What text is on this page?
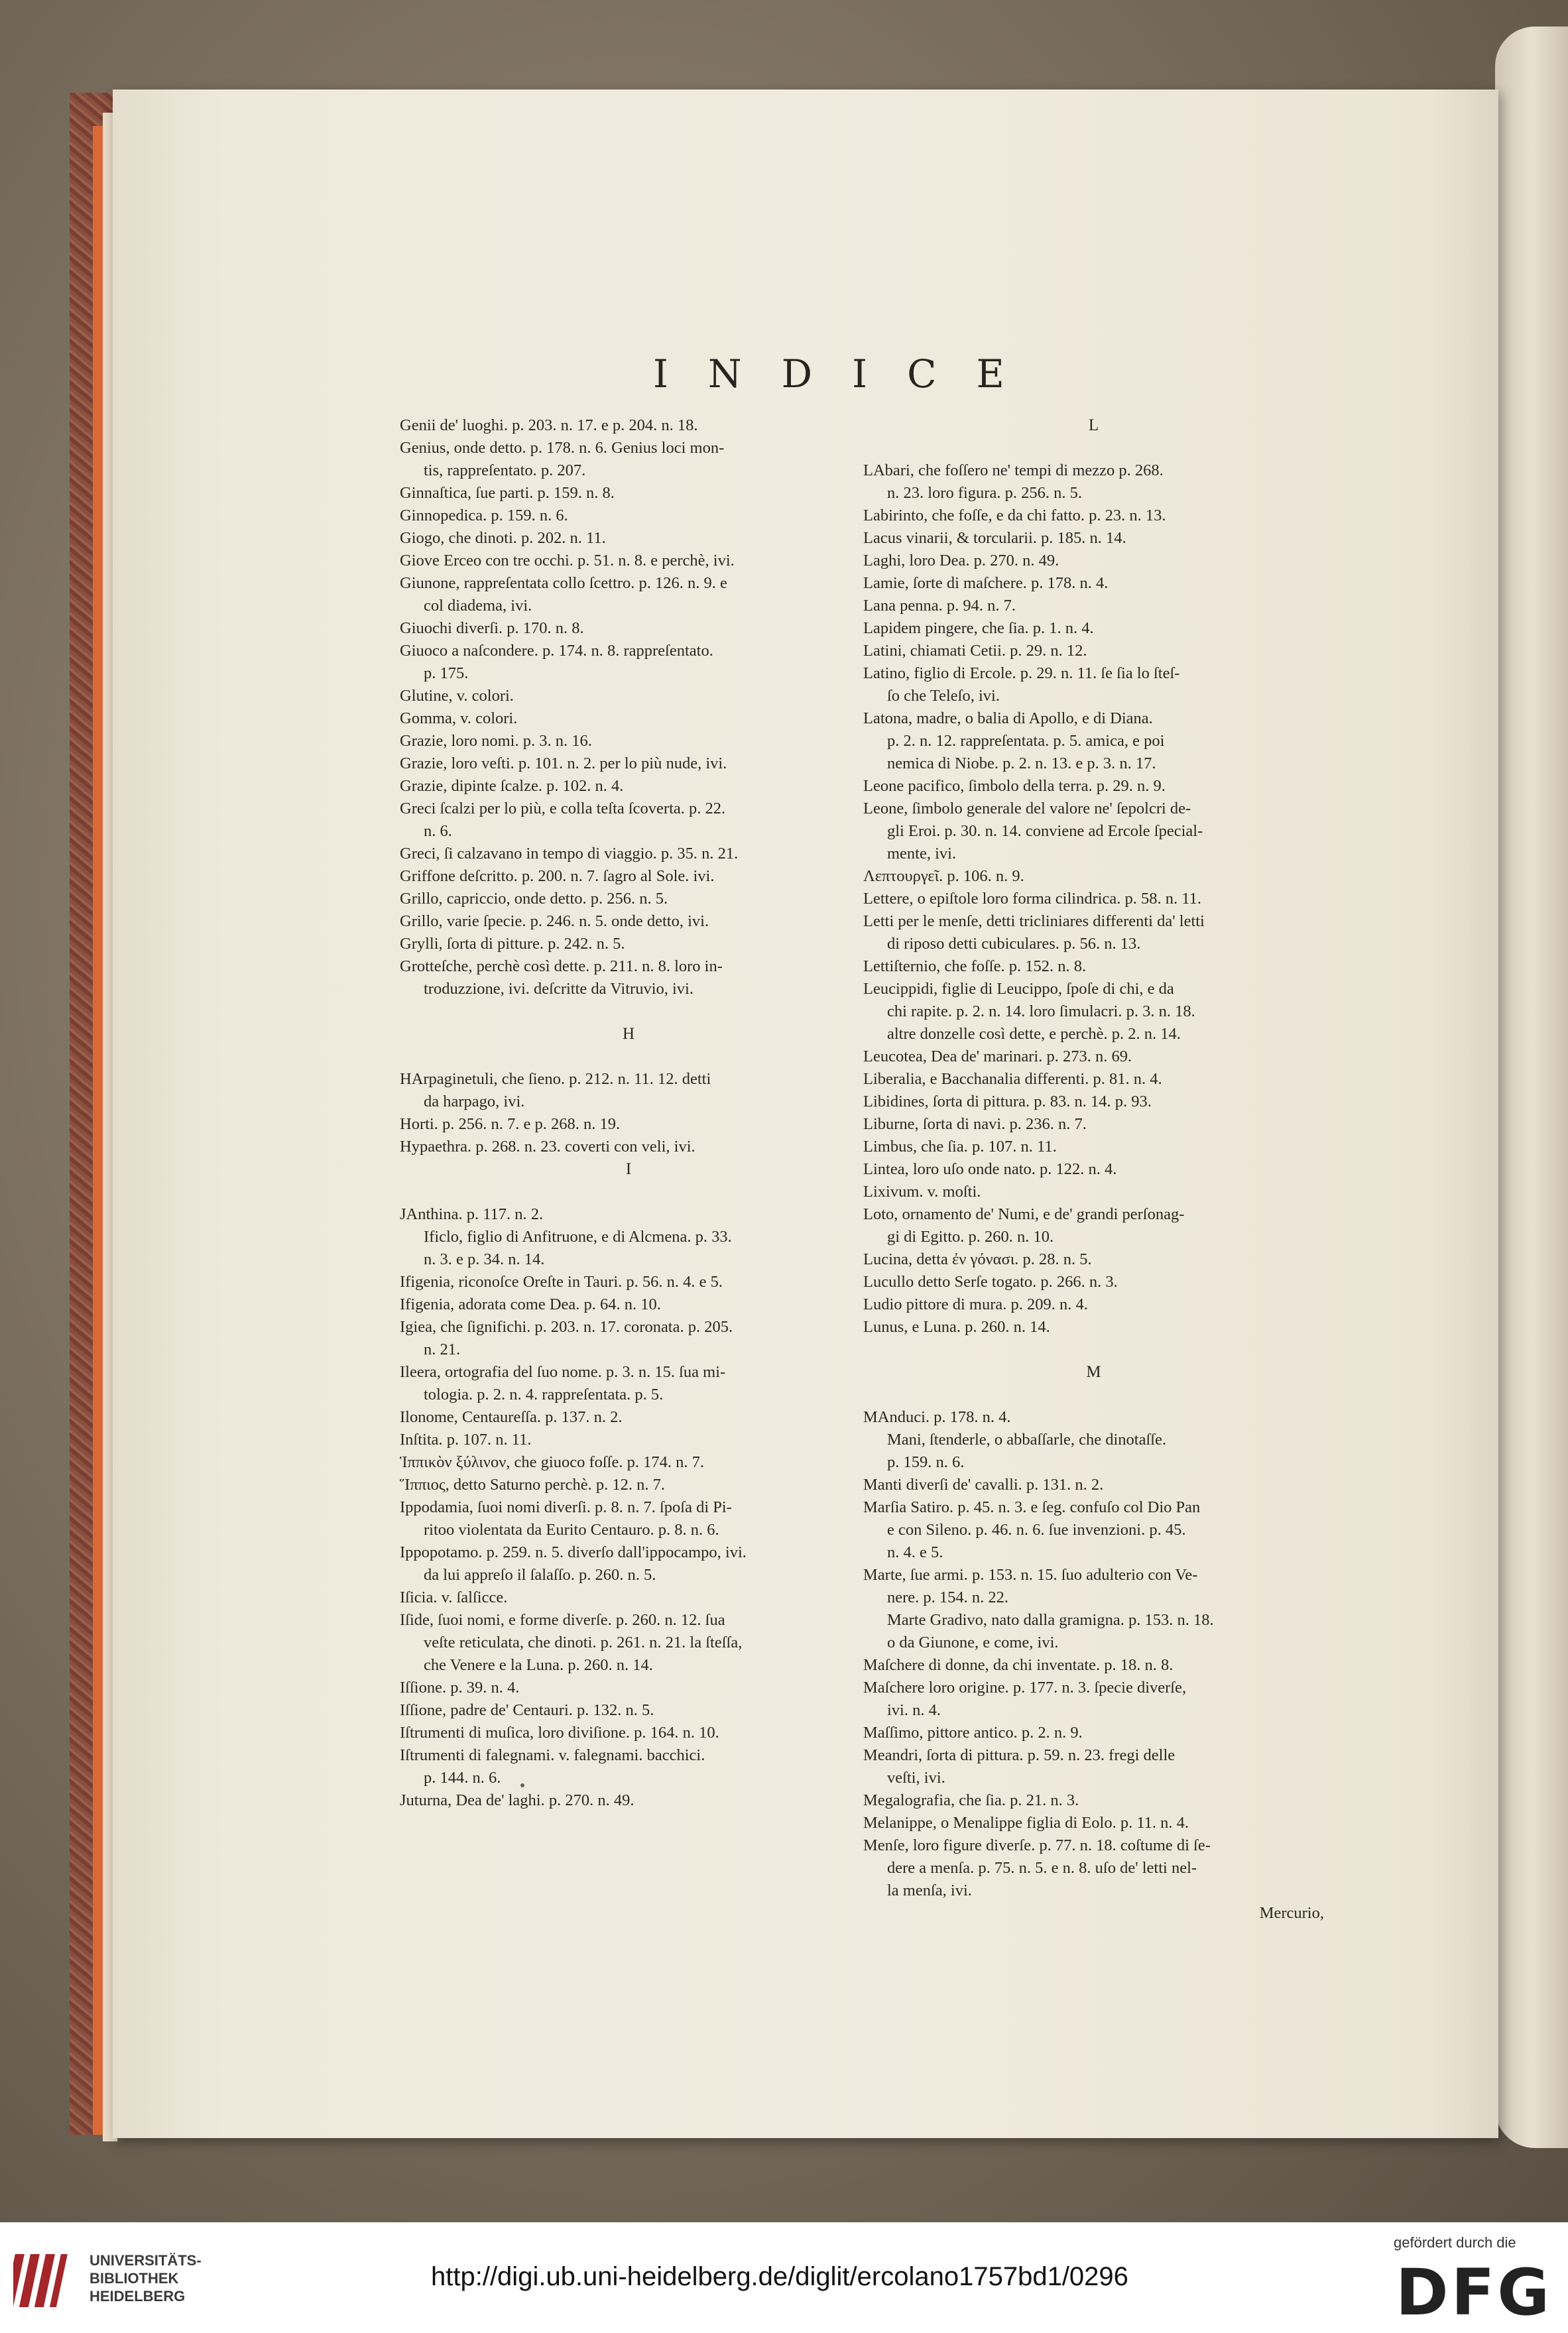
INDICE
Genii de' luoghi. p. 203. n. 17. e p. 204. n. 18.
Genius, onde detto. p. 178. n. 6. Genius loci mon-
tis, rappreſentato. p. 207.
Ginnaſtica, ſue parti. p. 159. n. 8.
Ginnopedica. p. 159. n. 6.
Giogo, che dinoti. p. 202. n. 11.
Giove Erceo con tre occhi. p. 51. n. 8. e perchè, ivi.
Giunone, rappreſentata collo ſcettro. p. 126. n. 9. e
col diadema, ivi.
Giuochi diverſi. p. 170. n. 8.
Giuoco a naſcondere. p. 174. n. 8. rappreſentato.
p. 175.
Glutine, v. colori.
Gomma, v. colori.
Grazie, loro nomi. p. 3. n. 16.
Grazie, loro veſti. p. 101. n. 2. per lo più nude, ivi.
Grazie, dipinte ſcalze. p. 102. n. 4.
Greci ſcalzi per lo più, e colla teſta ſcoverta. p. 22.
n. 6.
Greci, ſi calzavano in tempo di viaggio. p. 35. n. 21.
Griffone deſcritto. p. 200. n. 7. ſagro al Sole. ivi.
Grillo, capriccio, onde detto. p. 256. n. 5.
Grillo, varie ſpecie. p. 246. n. 5. onde detto, ivi.
Grylli, ſorta di pitture. p. 242. n. 5.
Grotteſche, perchè così dette. p. 211. n. 8. loro in-
troduzzione, ivi. deſcritte da Vitruvio, ivi.
H
HArpaginetuli, che ſieno. p. 212. n. 11. 12. detti
da harpago, ivi.
Horti. p. 256. n. 7. e p. 268. n. 19.
Hypaethra. p. 268. n. 23. coverti con veli, ivi.
I
JAnthina. p. 117. n. 2.
Ificlo, figlio di Anfitruone, e di Alcmena. p. 33.
n. 3. e p. 34. n. 14.
Ifigenia, riconoſce Oreſte in Tauri. p. 56. n. 4. e 5.
Ifigenia, adorata come Dea. p. 64. n. 10.
Igiea, che ſignifichi. p. 203. n. 17. coronata. p. 205.
n. 21.
Ileera, ortografia del ſuo nome. p. 3. n. 15. ſua mi-
tologia. p. 2. n. 4. rappreſentata. p. 5.
Ilonome, Centaureſſa. p. 137. n. 2.
Inſtita. p. 107. n. 11.
Ἱππικὸν ξύλινον, che giuoco foſſe. p. 174. n. 7.
Ἵππιος, detto Saturno perchè. p. 12. n. 7.
Ippodamia, ſuoi nomi diverſi. p. 8. n. 7. ſpoſa di Pi-
ritoo violentata da Eurito Centauro. p. 8. n. 6.
Ippopotamo. p. 259. n. 5. diverſo dall'ippocampo, ivi.
da lui appreſo il ſalaſſo. p. 260. n. 5.
Iſicia. v. ſalſicce.
Iſide, ſuoi nomi, e forme diverſe. p. 260. n. 12. ſua
veſte reticulata, che dinoti. p. 261. n. 21. la ſteſſa,
che Venere e la Luna. p. 260. n. 14.
Iſſione. p. 39. n. 4.
Iſſione, padre de' Centauri. p. 132. n. 5.
Iſtrumenti di muſica, loro diviſione. p. 164. n. 10.
Iſtrumenti di falegnami. v. falegnami. bacchici.
p. 144. n. 6.
Juturna, Dea de' laghi. p. 270. n. 49.
L
LAbari, che foſſero ne' tempi di mezzo p. 268.
n. 23. loro figura. p. 256. n. 5.
Labirinto, che foſſe, e da chi fatto. p. 23. n. 13.
Lacus vinarii, & torcularii. p. 185. n. 14.
Laghi, loro Dea. p. 270. n. 49.
Lamie, ſorte di maſchere. p. 178. n. 4.
Lana penna. p. 94. n. 7.
Lapidem pingere, che ſia. p. 1. n. 4.
Latini, chiamati Cetii. p. 29. n. 12.
Latino, figlio di Ercole. p. 29. n. 11. ſe ſia lo ſteſ-
ſo che Teleſo, ivi.
Latona, madre, o balia di Apollo, e di Diana.
p. 2. n. 12. rappreſentata. p. 5. amica, e poi
nemica di Niobe. p. 2. n. 13. e p. 3. n. 17.
Leone pacifico, ſimbolo della terra. p. 29. n. 9.
Leone, ſimbolo generale del valore ne' ſepolcri de-
gli Eroi. p. 30. n. 14. conviene ad Ercole ſpecial-
mente, ivi.
Λεπτουργεῖ. p. 106. n. 9.
Lettere, o epiſtole loro forma cilindrica. p. 58. n. 11.
Letti per le menſe, detti tricliniares differenti da' letti
di riposo detti cubiculares. p. 56. n. 13.
Lettiſternio, che foſſe. p. 152. n. 8.
Leucippidi, figlie di Leucippo, ſpoſe di chi, e da
chi rapite. p. 2. n. 14. loro ſimulacri. p. 3. n. 18.
altre donzelle così dette, e perchè. p. 2. n. 14.
Leucotea, Dea de' marinari. p. 273. n. 69.
Liberalia, e Bacchanalia differenti. p. 81. n. 4.
Libidines, ſorta di pittura. p. 83. n. 14. p. 93.
Liburne, ſorta di navi. p. 236. n. 7.
Limbus, che ſia. p. 107. n. 11.
Lintea, loro uſo onde nato. p. 122. n. 4.
Lixivum. v. moſti.
Loto, ornamento de' Numi, e de' grandi perſonag-
gi di Egitto. p. 260. n. 10.
Lucina, detta ἐν γόνασι. p. 28. n. 5.
Lucullo detto Serſe togato. p. 266. n. 3.
Ludio pittore di mura. p. 209. n. 4.
Lunus, e Luna. p. 260. n. 14.
M
MAnduci. p. 178. n. 4.
Mani, ſtenderle, o abbaſſarle, che dinotaſſe.
p. 159. n. 6.
Manti diverſi de' cavalli. p. 131. n. 2.
Marſia Satiro. p. 45. n. 3. e ſeg. confuſo col Dio Pan
e con Sileno. p. 46. n. 6. ſue invenzioni. p. 45.
n. 4. e 5.
Marte, ſue armi. p. 153. n. 15. ſuo adulterio con Ve-
nere. p. 154. n. 22.
Marte Gradivo, nato dalla gramigna. p. 153. n. 18.
o da Giunone, e come, ivi.
Maſchere di donne, da chi inventate. p. 18. n. 8.
Maſchere loro origine. p. 177. n. 3. ſpecie diverſe,
ivi. n. 4.
Maſſimo, pittore antico. p. 2. n. 9.
Meandri, ſorta di pittura. p. 59. n. 23. fregi delle
veſti, ivi.
Megalografia, che ſia. p. 21. n. 3.
Melanippe, o Menalippe figlia di Eolo. p. 11. n. 4.
Menſe, loro figure diverſe. p. 77. n. 18. coſtume di ſe-
dere a menſa. p. 75. n. 5. e n. 8. uſo de' letti nel-
la menſa, ivi.
Mercurio,
UNIVERSITÄTS-
BIBLIOTHEK
HEIDELBERG
http://digi.ub.uni-heidelberg.de/diglit/ercolano1757bd1/0296
gefördert durch die
DFG
